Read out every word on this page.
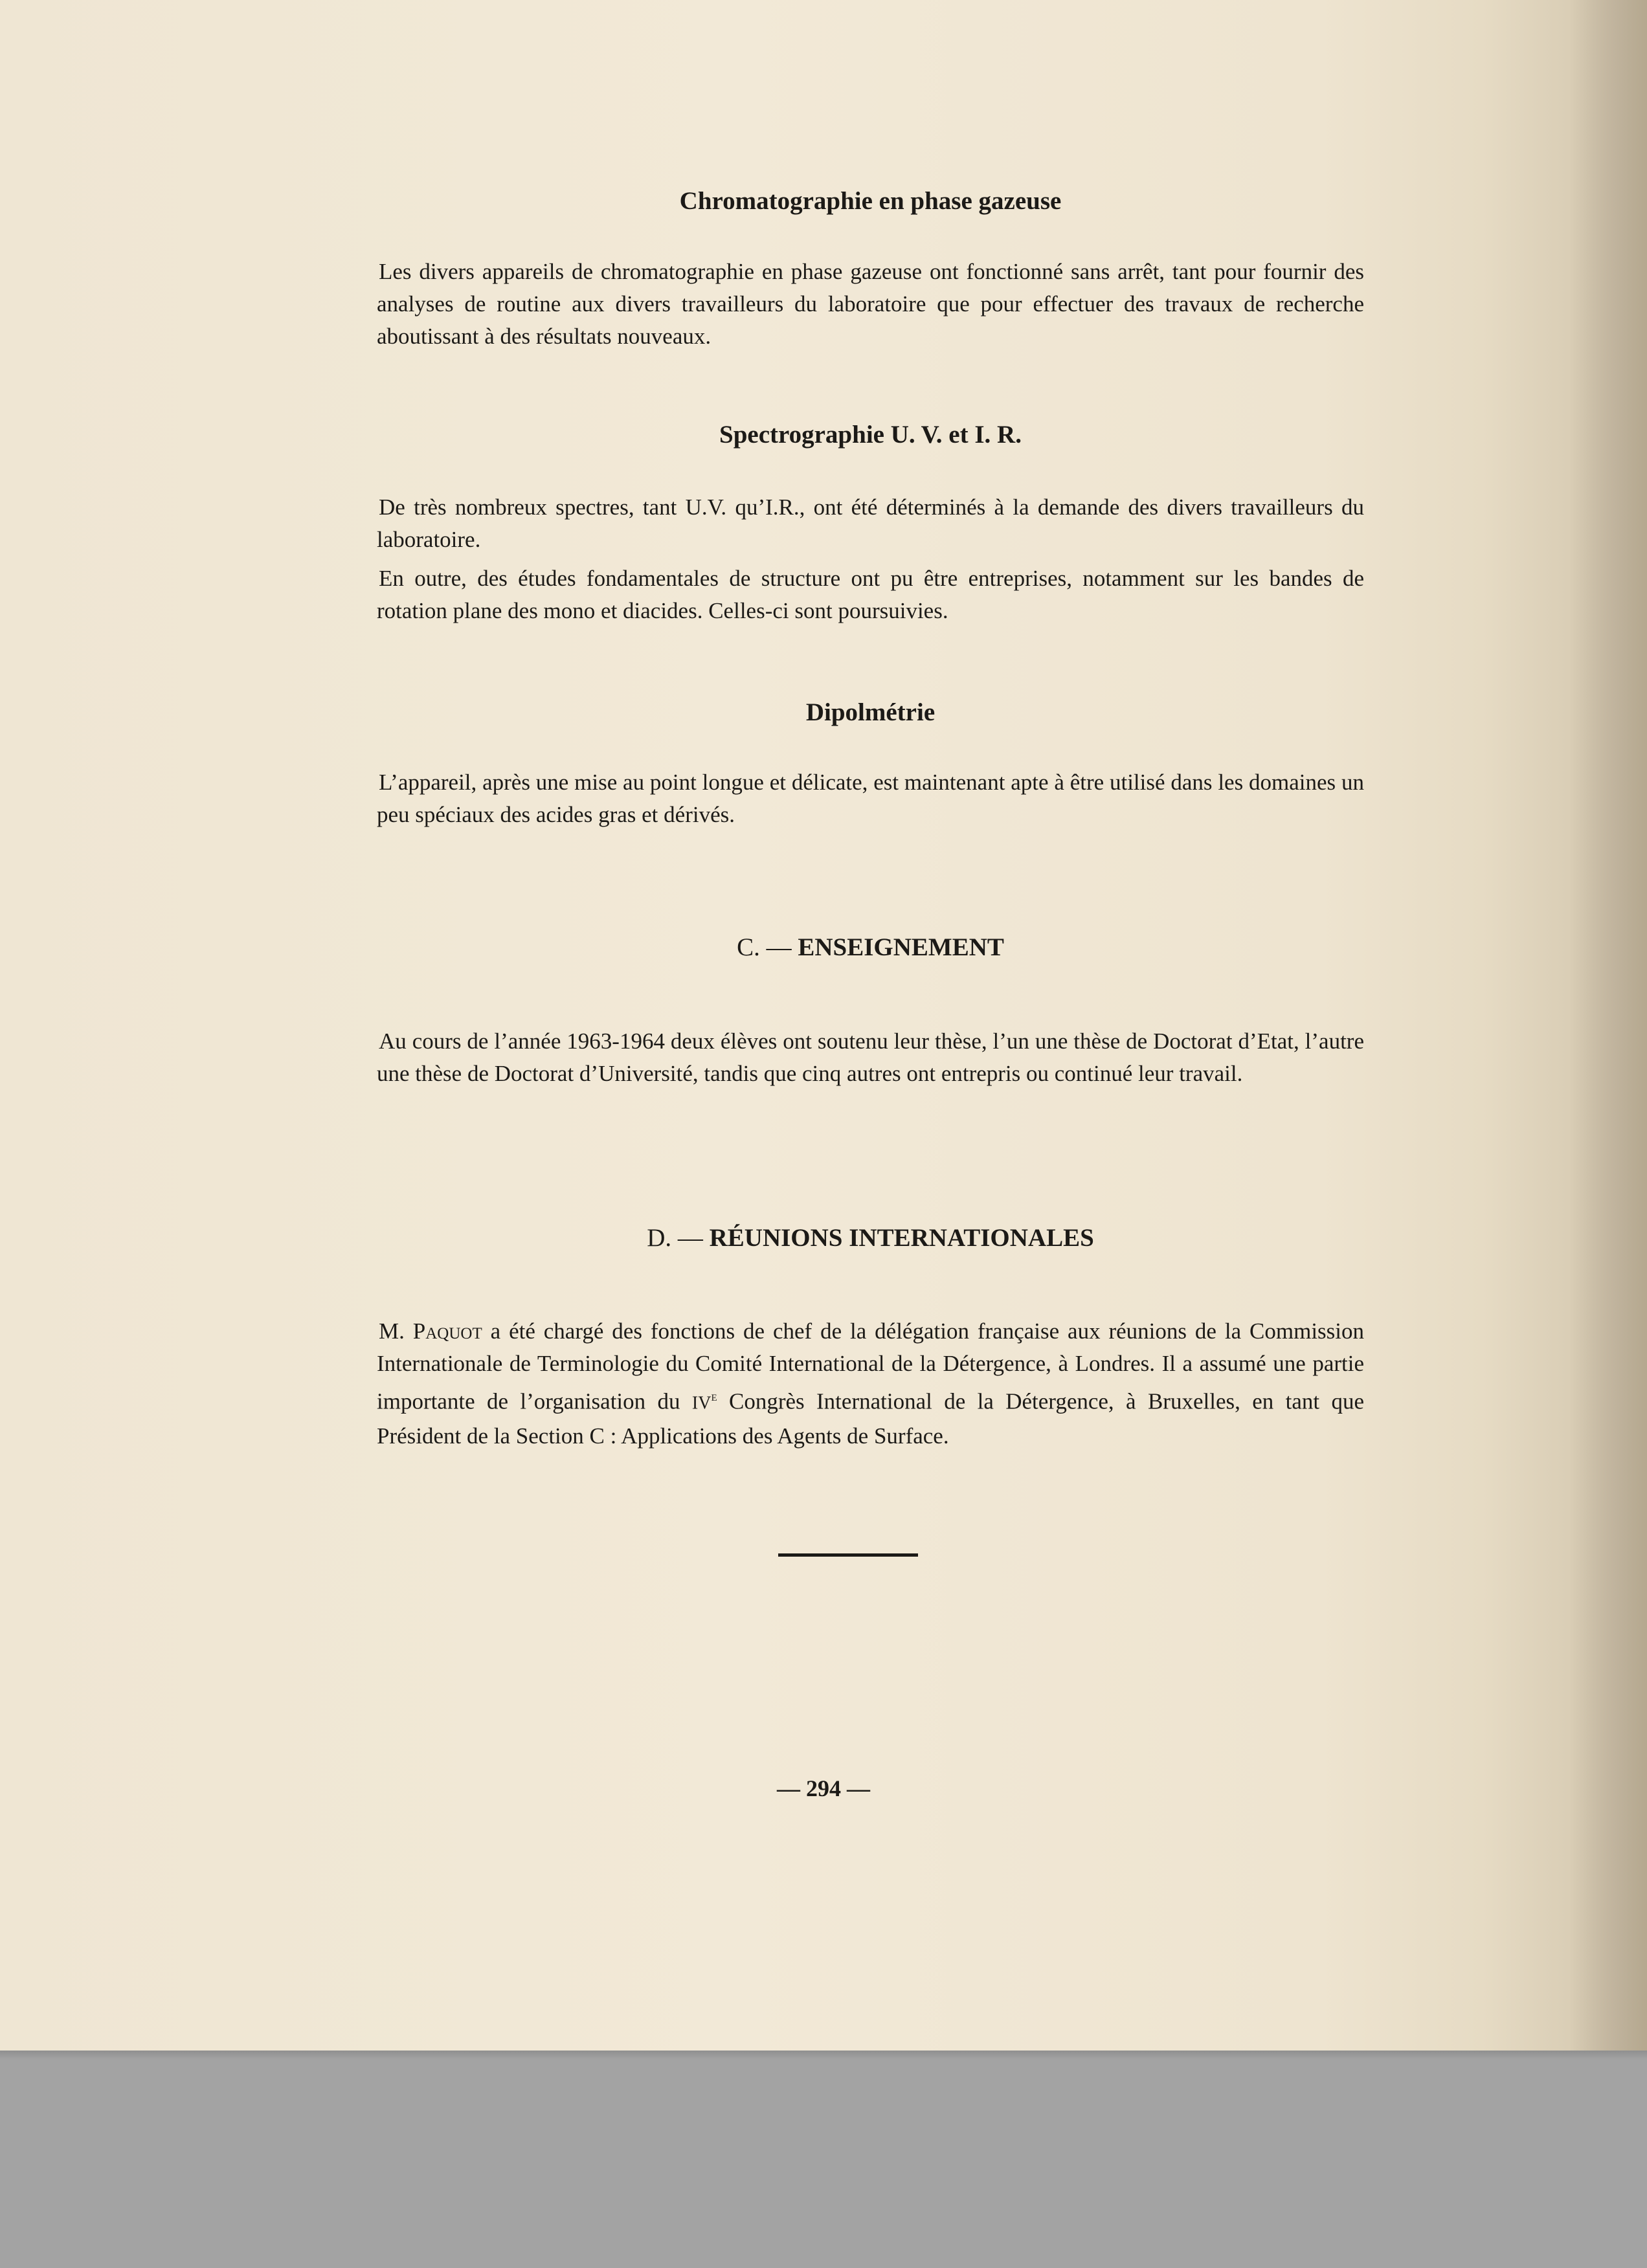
Chromatographie en phase gazeuse

Les divers appareils de chromatographie en phase gazeuse ont fonctionné sans arrêt, tant pour fournir des analyses de routine aux divers travailleurs du laboratoire que pour effectuer des travaux de recherche aboutissant à des résultats nouveaux.

Spectrographie U. V. et I. R.

De très nombreux spectres, tant U.V. qu’I.R., ont été déterminés à la demande des divers travailleurs du laboratoire.

En outre, des études fondamentales de structure ont pu être entreprises, notamment sur les bandes de rotation plane des mono et diacides. Celles-ci sont poursuivies.

Dipolmétrie

L’appareil, après une mise au point longue et délicate, est maintenant apte à être utilisé dans les domaines un peu spéciaux des acides gras et dérivés.

C. — ENSEIGNEMENT

Au cours de l’année 1963-1964 deux élèves ont soutenu leur thèse, l’un une thèse de Doctorat d’Etat, l’autre une thèse de Doctorat d’Université, tandis que cinq autres ont entrepris ou continué leur travail.

D. — RÉUNIONS INTERNATIONALES

M. Paquot a été chargé des fonctions de chef de la délégation française aux réunions de la Commission Internationale de Terminologie du Comité International de la Détergence, à Londres. Il a assumé une partie importante de l’organisation du IVe Congrès International de la Détergence, à Bruxelles, en tant que Président de la Section C : Applications des Agents de Surface.

— 294 —
